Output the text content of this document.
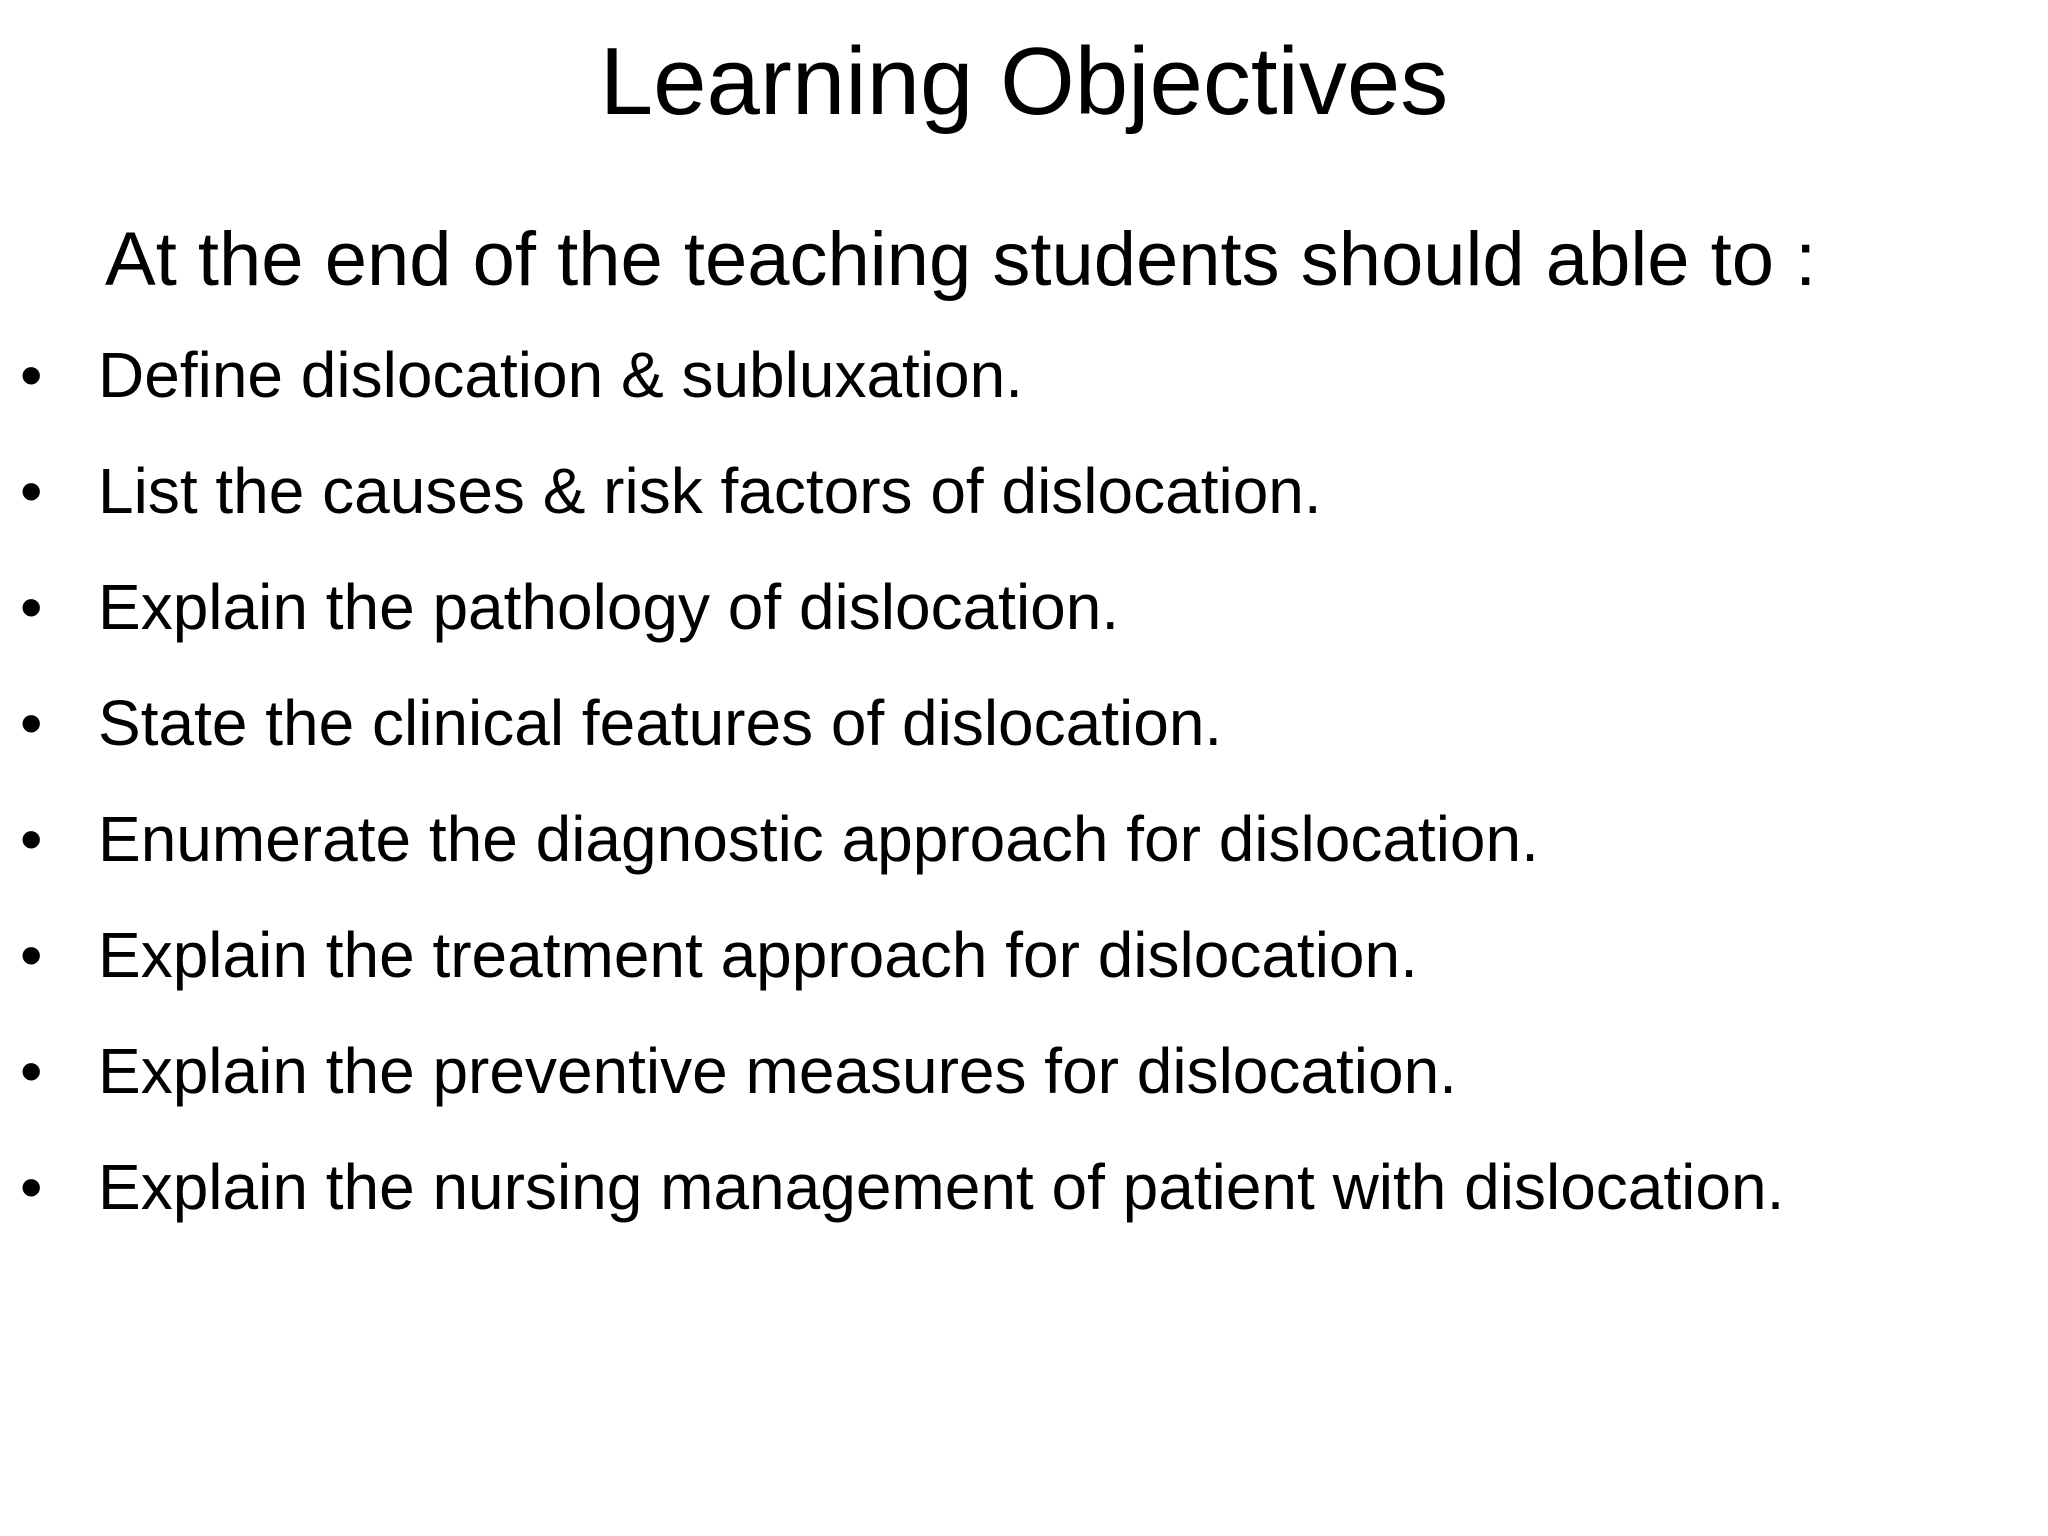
Learning Objectives
At the end of the teaching students should able to :
• Define dislocation & subluxation.
• List the causes & risk factors of dislocation.
• Explain the pathology of dislocation.
• State the clinical features of dislocation.
• Enumerate the diagnostic approach for dislocation.
• Explain the treatment approach for dislocation.
• Explain the preventive measures for dislocation.
• Explain the nursing management of patient with dislocation.
